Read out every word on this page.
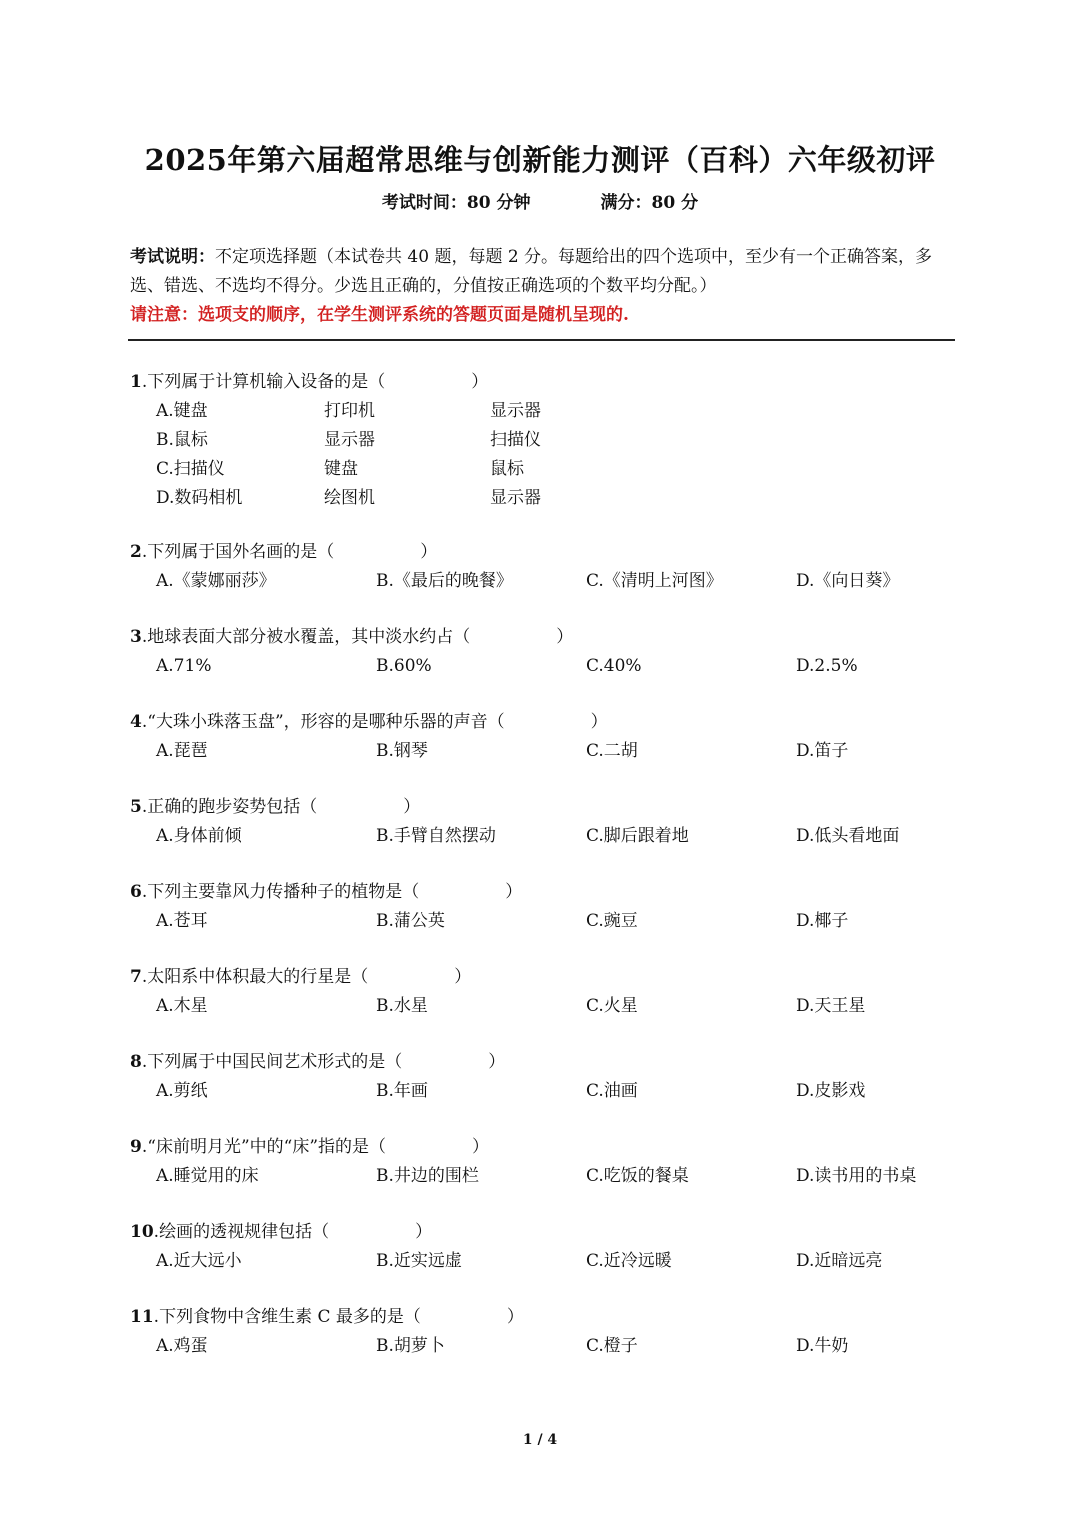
2025年第六届超常思维与创新能力测评（百科）六年级初评
考试时间：80 分钟	满分：80 分
考试说明：不定项选择题（本试卷共 40 题，每题 2 分。每题给出的四个选项中，至少有一个正确答案，多选、错选、不选均不得分。少选且正确的，分值按正确选项的个数平均分配。）
请注意：选项支的顺序，在学生测评系统的答题页面是随机呈现的.
1.下列属于计算机输入设备的是（	）
A.键盘	打印机	显示器
B.鼠标	显示器	扫描仪
C.扫描仪	键盘	鼠标
D.数码相机	绘图机	显示器
2.下列属于国外名画的是（	）
A.《蒙娜丽莎》	B.《最后的晚餐》	C.《清明上河图》	D.《向日葵》
3.地球表面大部分被水覆盖，其中淡水约占（	）
A.71%	B.60%	C.40%	D.2.5%
4.“大珠小珠落玉盘”，形容的是哪种乐器的声音（	）
A.琵琶	B.钢琴	C.二胡	D.笛子
5.正确的跑步姿势包括（	）
A.身体前倾	B.手臂自然摆动	C.脚后跟着地	D.低头看地面
6.下列主要靠风力传播种子的植物是（	）
A.苍耳	B.蒲公英	C.豌豆	D.椰子
7.太阳系中体积最大的行星是（	）
A.木星	B.水星	C.火星	D.天王星
8.下列属于中国民间艺术形式的是（	）
A.剪纸	B.年画	C.油画	D.皮影戏
9.“床前明月光”中的“床”指的是（	）
A.睡觉用的床	B.井边的围栏	C.吃饭的餐桌	D.读书用的书桌
10.绘画的透视规律包括（	）
A.近大远小	B.近实远虚	C.近冷远暖	D.近暗远亮
11.下列食物中含维生素 C 最多的是（	）
A.鸡蛋	B.胡萝卜	C.橙子	D.牛奶
1 / 4
